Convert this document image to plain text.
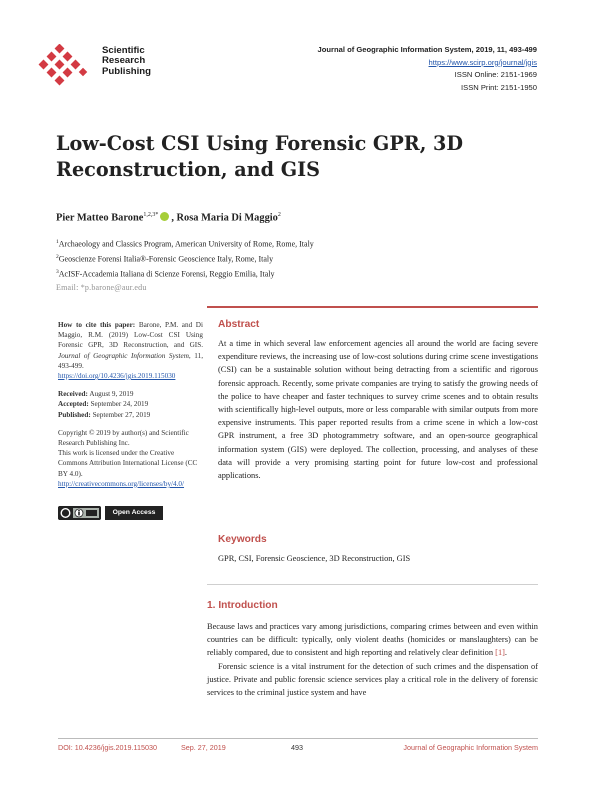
Scientific
Research
Publishing
Journal of Geographic Information System, 2019, 11, 493-499
https://www.scirp.org/journal/jgis
ISSN Online: 2151-1969
ISSN Print: 2151-1950
Low-Cost CSI Using Forensic GPR, 3D Reconstruction, and GIS
Pier Matteo Barone$^{1,2,3*}$ , Rosa Maria Di Maggio$^2$
$^1$Archaeology and Classics Program, American University of Rome, Rome, Italy
$^2$Geoscienze Forensi Italia®-Forensic Geoscience Italy, Rome, Italy
$^3$AcISF-Accademia Italiana di Scienze Forensi, Reggio Emilia, Italy
Email: *p.barone@aur.edu

How to cite this paper: Barone, P.M. and Di Maggio, R.M. (2019) Low-Cost CSI Using Forensic GPR, 3D Reconstruction, and GIS. Journal of Geographic Information System, 11, 493-499.
https://doi.org/10.4236/jgis.2019.115030

Received: August 9, 2019

Accepted: September 24, 2019

Published: September 27, 2019

Copyright © 2019 by author(s) and Scientific Research Publishing Inc.

This work is licensed under the Creative Commons Attribution International License (CC BY 4.0).

http://creativecommons.org/licenses/by/4.0/

Open Access
Abstract
At a time in which several law enforcement agencies all around the world are facing severe expenditure reviews, the increasing use of low-cost solutions during crime scene investigations (CSI) can be a sustainable solution without being detracting from a scientific and rigorous forensic approach. Recently, some private companies are trying to satisfy the growing needs of the police to have cheaper and faster techniques to survey crime scenes and to obtain results with scientifically high-level outputs, more or less comparable with similar outputs from more expensive instruments. This paper reported results from a crime scene in which a low-cost GPR instrument, a free 3D photogrammetry software, and an open-source geographical information system (GIS) were deployed. The collection, processing, and analyses of these data will provide a very promising starting point for future low-cost and professional applications.
Keywords
GPR, CSI, Forensic Geoscience, 3D Reconstruction, GIS
1. Introduction

Because laws and practices vary among jurisdictions, comparing crimes between and even within countries can be difficult: typically, only violent deaths (homicides or manslaughters) can be reliably compared, due to consistent and high reporting and relatively clear definition [1].

Forensic science is a vital instrument for the detection of such crimes and the dispensation of justice. Private and public forensic science services play a critical role in the delivery of forensic services to the criminal justice system and have

DOI: 10.4236/jgis.2019.115030	Sep. 27, 2019	493	Journal of Geographic Information System
